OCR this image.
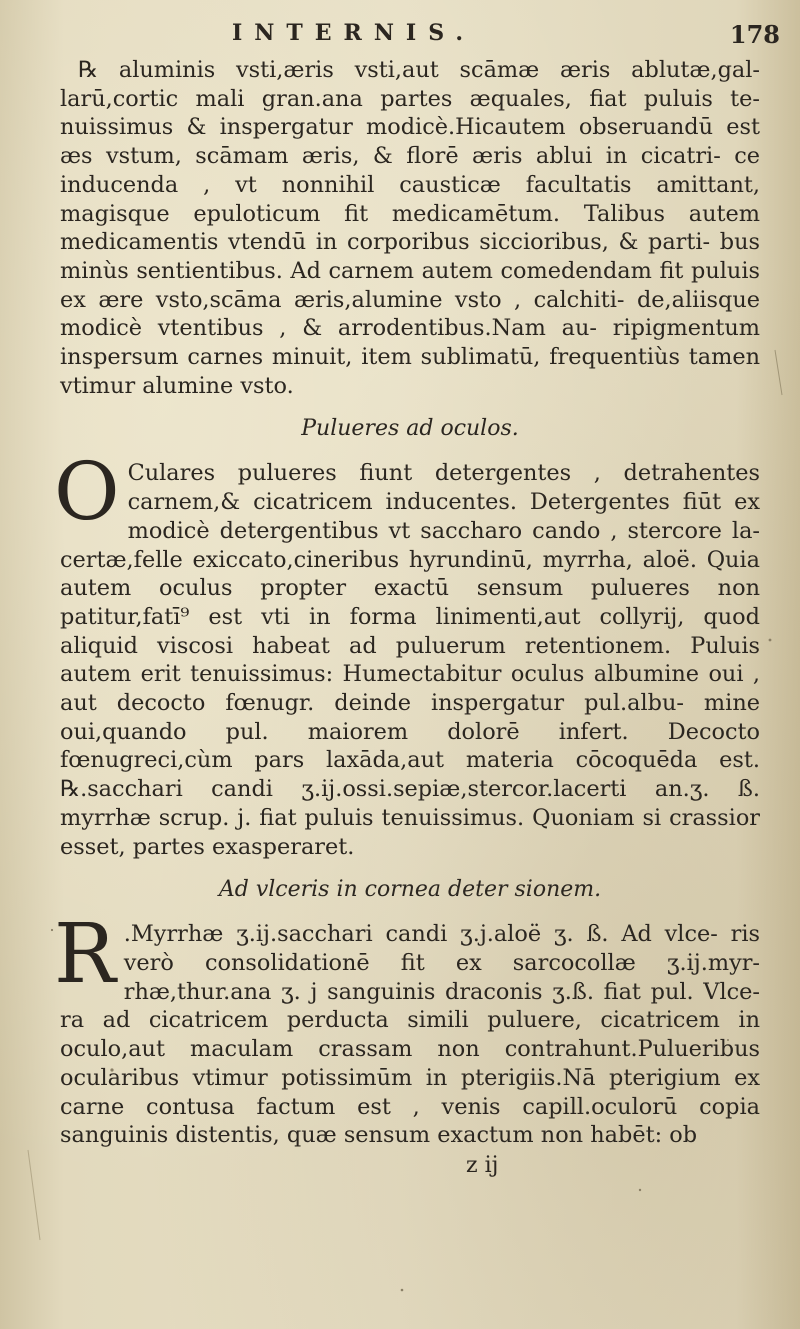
INTERNIS.	178

℞ aluminis vsti,æris vsti,aut scāmæ æris ablutæ,gal- larū,cortic mali gran.ana partes æquales, fiat puluis te- nuissimus & inspergatur modicè.Hicautem obseruandū est æs vstum, scāmam æris, & florē æris ablui in cicatri- ce inducenda , vt nonnihil causticæ facultatis amittant, magisque epuloticum fit medicamētum. Talibus autem medicamentis vtendū in corporibus siccioribus, & parti- bus minùs sentientibus. Ad carnem autem comedendam fit puluis ex ære vsto,scāma æris,alumine vsto , calchiti- de,aliisque modicè vtentibus , & arrodentibus.Nam au- ripigmentum inspersum carnes minuit, item sublimatū, frequentiùs tamen vtimur alumine vsto.

Pulueres ad oculos.

O Culares pulueres fiunt detergentes , detrahentes carnem,& cicatricem inducentes. Detergentes fiūt ex modicè detergentibus vt saccharo cando , stercore la- certæ,felle exiccato,cineribus hyrundinū, myrrha, aloë. Quia autem oculus propter exactū sensum pulueres non patitur,fatī⁹ est vti in forma linimenti,aut collyrij, quod aliquid viscosi habeat ad puluerum retentionem. Puluis autem erit tenuissimus: Humectabitur oculus albumine oui , aut decocto fœnugr. deinde inspergatur pul.albu- mine oui,quando pul. maiorem dolorē infert. Decocto fœnugreci,cùm pars laxāda,aut materia cōcoquēda est. ℞.sacchari candi ʒ.ij.ossi.sepiæ,stercor.lacerti an.ʒ. ß. myrrhæ scrup. j. fiat puluis tenuissimus. Quoniam si crassior esset, partes exasperaret.

Ad vlceris in cornea deter sionem.

R .Myrrhæ ʒ.ij.sacchari candi ʒ.j.aloë ʒ. ß. Ad vlce- ris verò consolidationē fit ex sarcocollæ ʒ.ij.myr- rhæ,thur.ana ʒ. j sanguinis draconis ʒ.ß. fiat pul. Vlce- ra ad cicatricem perducta simili puluere, cicatricem in oculo,aut maculam crassam non contrahunt.Pulueribus ocularibus vtimur potissimūm in pterigiis.Nā pterigium ex carne contusa factum est , venis capill.oculorū copia sanguinis distentis, quæ sensum exactum non habēt: ob

z ij
